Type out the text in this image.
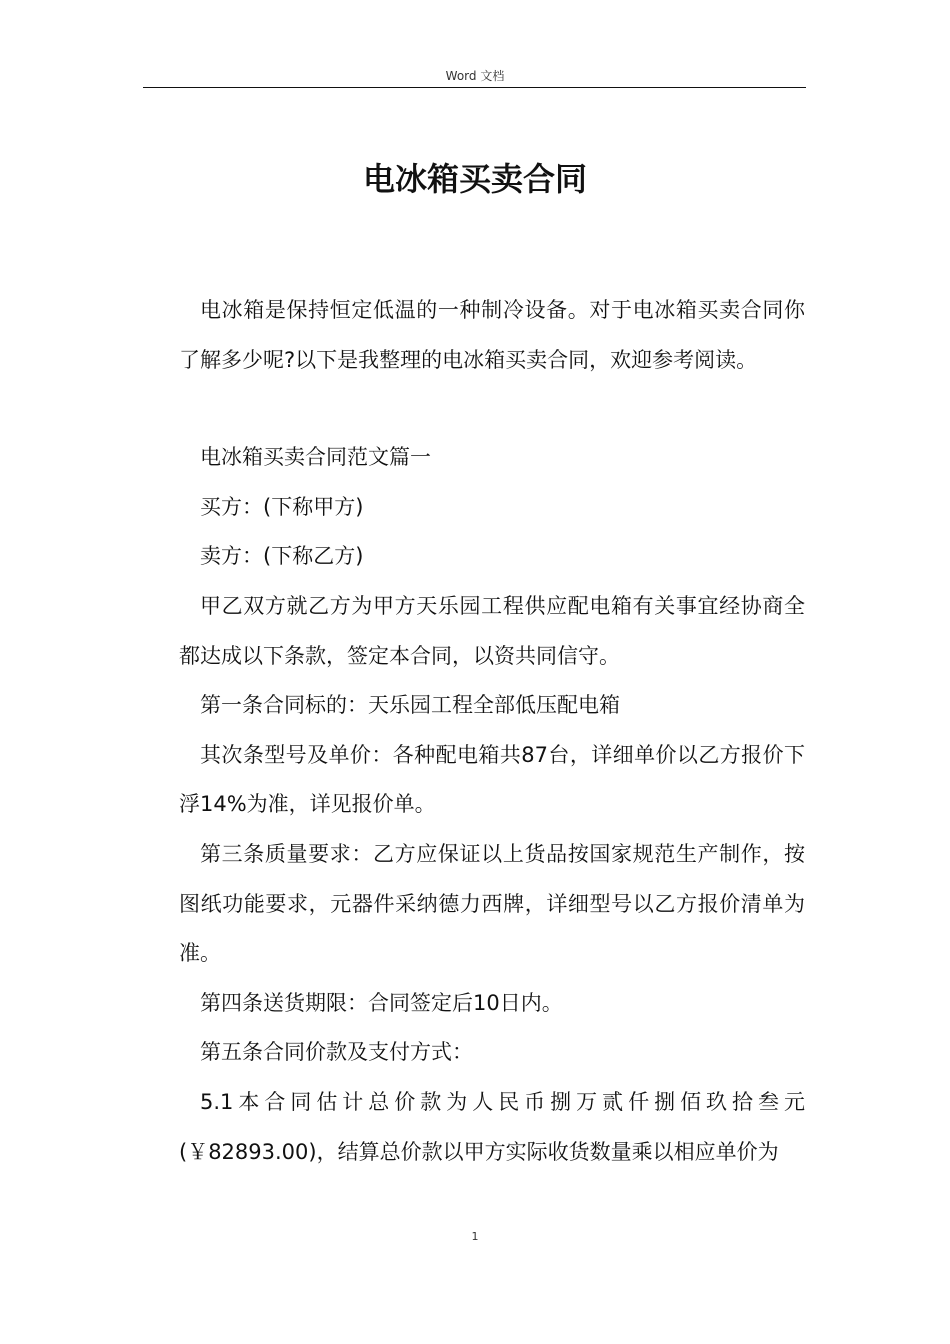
Word 文档
电冰箱买卖合同

电冰箱是保持恒定低温的一种制冷设备。对于电冰箱买卖合同你了解多少呢?以下是我整理的电冰箱买卖合同，欢迎参考阅读。

电冰箱买卖合同范文篇一

买方：(下称甲方)

卖方：(下称乙方)

甲乙双方就乙方为甲方天乐园工程供应配电箱有关事宜经协商全都达成以下条款，签定本合同，以资共同信守。

第一条合同标的：天乐园工程全部低压配电箱

其次条型号及单价：各种配电箱共87台，详细单价以乙方报价下浮14%为准，详见报价单。

第三条质量要求：乙方应保证以上货品按国家规范生产制作，按图纸功能要求，元器件采纳德力西牌，详细型号以乙方报价清单为准。

第四条送货期限：合同签定后10日内。

第五条合同价款及支付方式：

5.1本合同估计总价款为人民币捌万贰仟捌佰玖拾叁元(￥82893.00)，结算总价款以甲方实际收货数量乘以相应单价为

1
